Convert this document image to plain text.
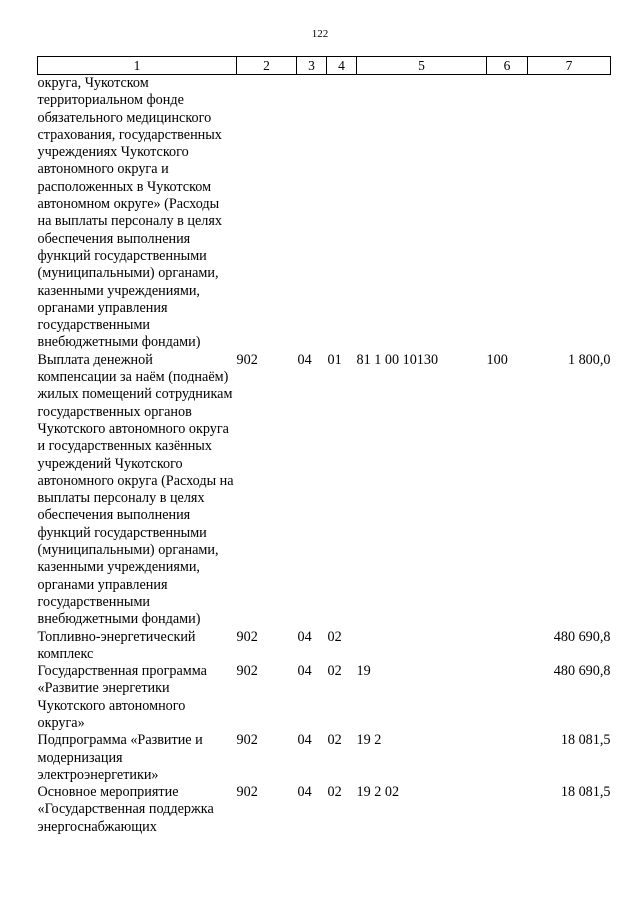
122
1	2	3	4	5	6	7
округа, Чукотском территориальном фонде обязательного медицинского страхования, государственных учреждениях Чукотского автономного округа и расположенных в Чукотском автономном округе» (Расходы на выплаты персоналу в целях обеспечения выполнения функций государственными (муниципальными) органами, казенными учреждениями, органами управления государственными внебюджетными фондами)						
Выплата денежной компенсации за наём (поднаём) жилых помещений сотрудникам государственных органов Чукотского автономного округа и государственных казённых учреждений Чукотского автономного округа (Расходы на выплаты персоналу в целях обеспечения выполнения функций государственными (муниципальными) органами, казенными учреждениями, органами управления государственными внебюджетными фондами)	902	04	01	81 1 00 10130	100	1 800,0
Топливно-энергетический комплекс	902	04	02			480 690,8
Государственная программа «Развитие энергетики Чукотского автономного округа»	902	04	02	19		480 690,8
Подпрограмма «Развитие и модернизация электроэнергетики»	902	04	02	19 2		18 081,5
Основное мероприятие «Государственная поддержка энергоснабжающих	902	04	02	19 2 02		18 081,5
